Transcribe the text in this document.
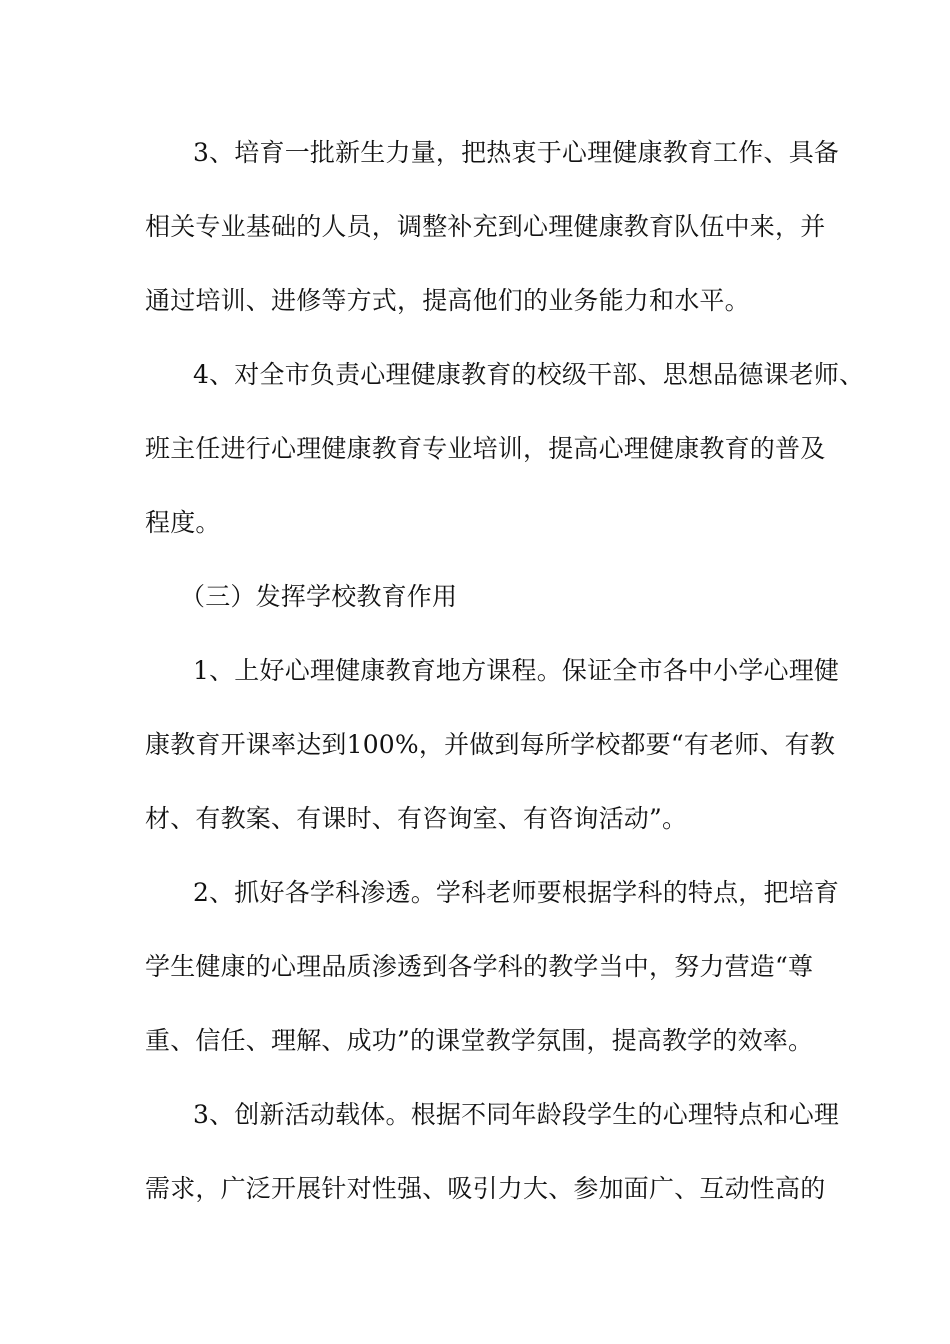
3、培育一批新生力量，把热衷于心理健康教育工作、具备
相关专业基础的人员，调整补充到心理健康教育队伍中来，并
通过培训、进修等方式，提高他们的业务能力和水平。
4、对全市负责心理健康教育的校级干部、思想品德课老师、
班主任进行心理健康教育专业培训，提高心理健康教育的普及
程度。
（三）发挥学校教育作用
1、上好心理健康教育地方课程。保证全市各中小学心理健
康教育开课率达到100%，并做到每所学校都要“有老师、有教
材、有教案、有课时、有咨询室、有咨询活动”。
2、抓好各学科渗透。学科老师要根据学科的特点，把培育
学生健康的心理品质渗透到各学科的教学当中，努力营造“尊
重、信任、理解、成功”的课堂教学氛围，提高教学的效率。
3、创新活动载体。根据不同年龄段学生的心理特点和心理
需求，广泛开展针对性强、吸引力大、参加面广、互动性高的
